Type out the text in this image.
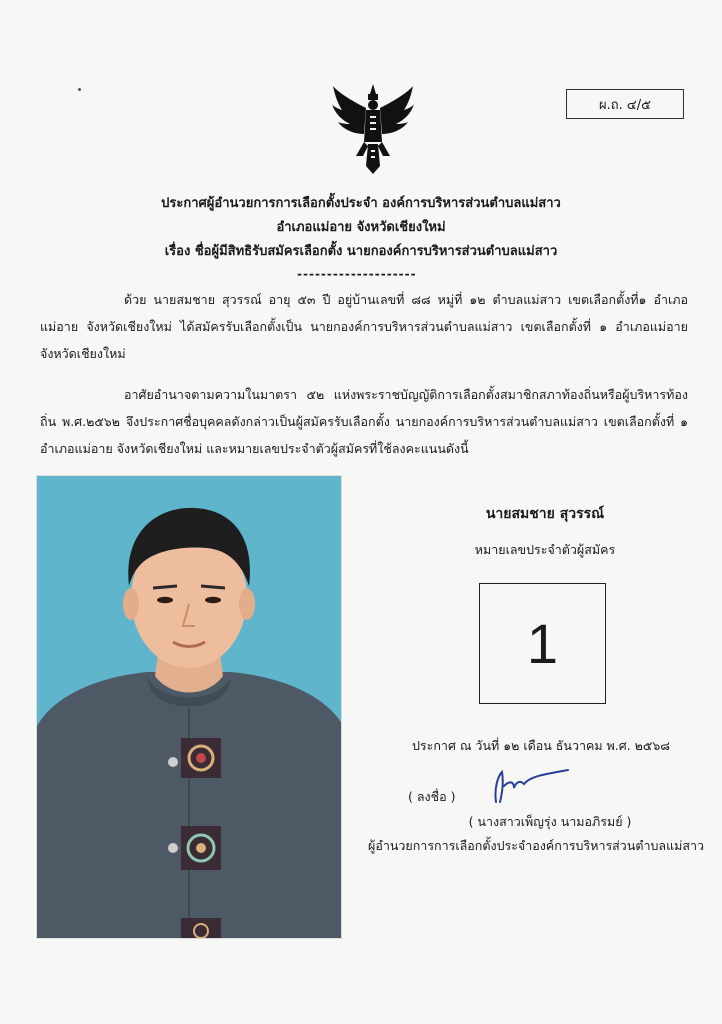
ผ.ถ. ๔/๕
ประกาศผู้อำนวยการการเลือกตั้งประจำ องค์การบริหารส่วนตำบลแม่สาว
อำเภอแม่อาย จังหวัดเชียงใหม่
เรื่อง ชื่อผู้มีสิทธิรับสมัครเลือกตั้ง นายกองค์การบริหารส่วนตำบลแม่สาว
--------------------

ด้วย นายสมชาย สุวรรณ์ อายุ ๕๓ ปี อยู่บ้านเลขที่ ๘๘ หมู่ที่ ๑๒ ตำบลแม่สาว เขตเลือกตั้งที่๑ อำเภอแม่อาย จังหวัดเชียงใหม่ ได้สมัครรับเลือกตั้งเป็น นายกองค์การบริหารส่วนตำบลแม่สาว เขตเลือกตั้งที่ ๑ อำเภอแม่อาย จังหวัดเชียงใหม่

อาศัยอำนาจตามความในมาตรา ๕๒ แห่งพระราชบัญญัติการเลือกตั้งสมาชิกสภาท้องถิ่นหรือผู้บริหารท้องถิ่น พ.ศ.๒๕๖๒ จึงประกาศชื่อบุคคลดังกล่าวเป็นผู้สมัครรับเลือกตั้ง นายกองค์การบริหารส่วนตำบลแม่สาว เขตเลือกตั้งที่ ๑ อำเภอแม่อาย จังหวัดเชียงใหม่ และหมายเลขประจำตัวผู้สมัครที่ใช้ลงคะแนนดังนี้

นายสมชาย สุวรรณ์
หมายเลขประจำตัวผู้สมัคร
1
ประกาศ ณ วันที่ ๑๒ เดือน ธันวาคม พ.ศ. ๒๕๖๘
( ลงชื่อ )
( นางสาวเพ็ญรุ่ง นามอภิรมย์ )
ผู้อำนวยการการเลือกตั้งประจำองค์การบริหารส่วนตำบลแม่สาว
